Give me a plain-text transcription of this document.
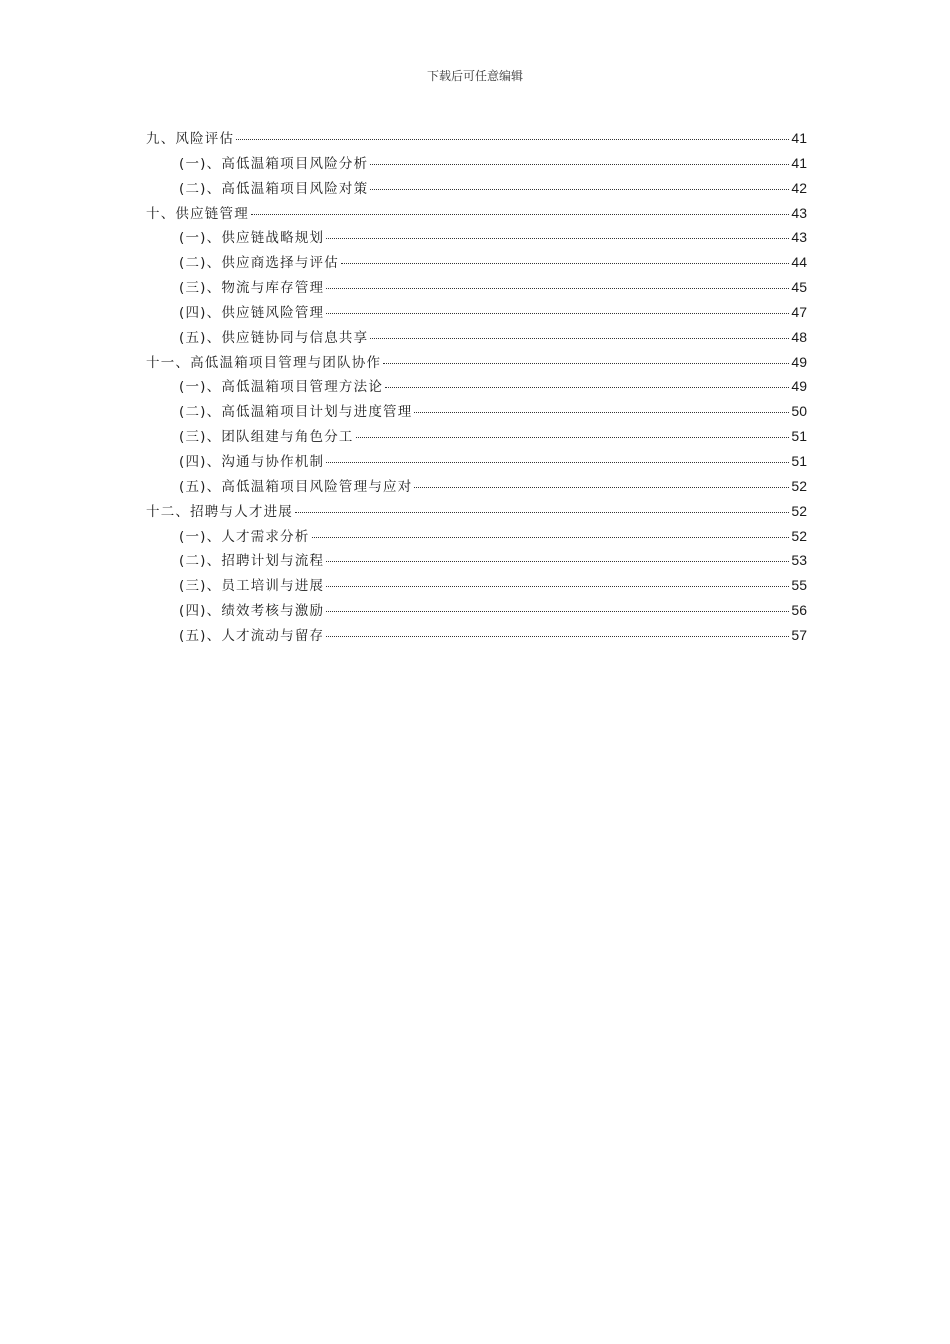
下载后可任意编辑
九、风险评估	41
(一)、高低温箱项目风险分析	41
(二)、高低温箱项目风险对策	42
十、供应链管理	43
(一)、供应链战略规划	43
(二)、供应商选择与评估	44
(三)、物流与库存管理	45
(四)、供应链风险管理	47
(五)、供应链协同与信息共享	48
十一、高低温箱项目管理与团队协作	49
(一)、高低温箱项目管理方法论	49
(二)、高低温箱项目计划与进度管理	50
(三)、团队组建与角色分工	51
(四)、沟通与协作机制	51
(五)、高低温箱项目风险管理与应对	52
十二、招聘与人才进展	52
(一)、人才需求分析	52
(二)、招聘计划与流程	53
(三)、员工培训与进展	55
(四)、绩效考核与激励	56
(五)、人才流动与留存	57
